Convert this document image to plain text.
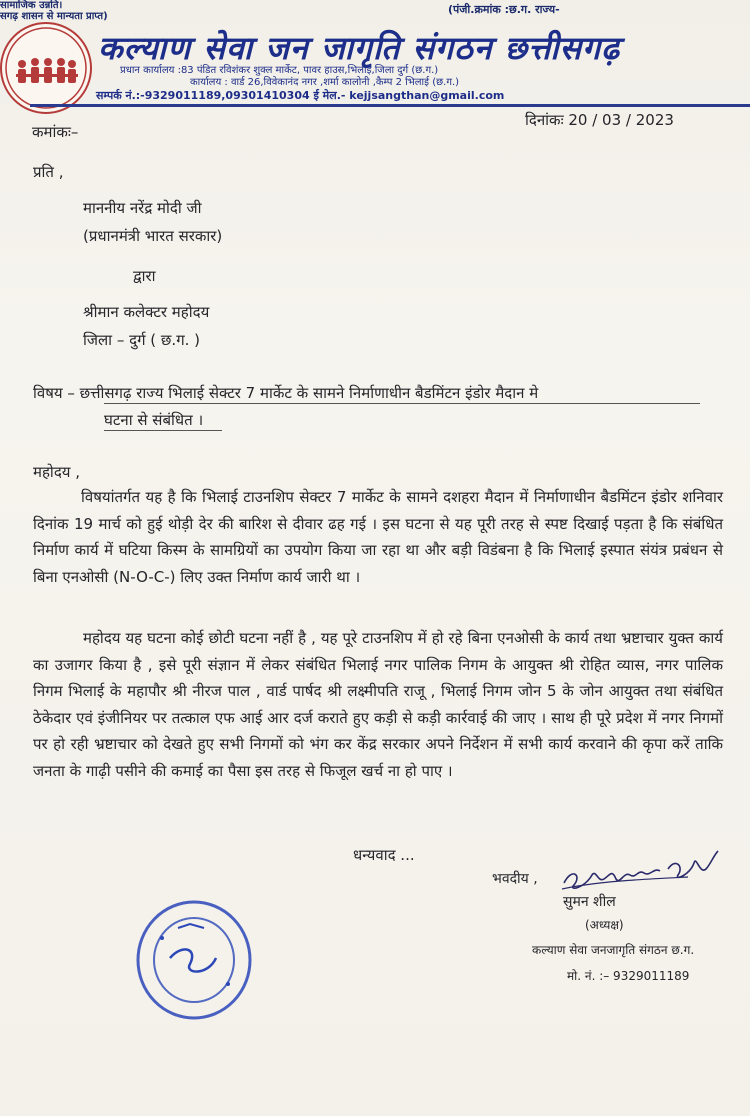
सामाजिक उन्नति।
सगढ़ शासन से मान्यता प्राप्त)
(पंजी.क्रमांक :छ.ग. राज्य-
कल्याण सेवा जन जागृति संगठन छत्तीसगढ़
प्रधान कार्यालय :83 पंडित रविशंकर शुक्ल मार्केट, पावर हाउस,भिलाई,जिला दुर्ग (छ.ग.)
कार्यालय : वार्ड 26,विवेकानंद नगर ,शर्मा कालोनी ,कैम्प 2 भिलाई (छ.ग.)
सम्पर्क नं.:-9329011189,09301410304 ई मेल.- kejjsangthan@gmail.com
कमांकः–
दिनांकः 20 / 03 / 2023
प्रति ,
माननीय नरेंद्र मोदी जी
(प्रधानमंत्री भारत सरकार)
द्वारा
श्रीमान कलेक्टर महोदय
जिला – दुर्ग ( छ.ग. )
विषय – छत्तीसगढ़ राज्य भिलाई सेक्टर 7 मार्केट के सामने निर्माणाधीन बैडमिंटन इंडोर मैदान मे
घटना से संबंधित ।
महोदय ,
विषयांतर्गत यह है कि भिलाई टाउनशिप सेक्टर 7 मार्केट के सामने दशहरा मैदान में निर्माणाधीन बैडमिंटन इंडोर शनिवार दिनांक 19 मार्च को हुई थोड़ी देर की बारिश से दीवार ढह गई । इस घटना से यह पूरी तरह से स्पष्ट दिखाई पड़ता है कि संबंधित निर्माण कार्य में घटिया किस्म के सामग्रियों का उपयोग किया जा रहा था और बड़ी विडंबना है कि भिलाई इस्पात संयंत्र प्रबंधन से बिना एनओसी (N-O-C-) लिए उक्त निर्माण कार्य जारी था ।
महोदय यह घटना कोई छोटी घटना नहीं है , यह पूरे टाउनशिप में हो रहे बिना एनओसी के कार्य तथा भ्रष्टाचार युक्त कार्य का उजागर किया है , इसे पूरी संज्ञान में लेकर संबंधित भिलाई नगर पालिक निगम के आयुक्त श्री रोहित व्यास, नगर पालिक निगम भिलाई के महापौर श्री नीरज पाल , वार्ड पार्षद श्री लक्ष्मीपति राजू , भिलाई निगम जोन 5 के जोन आयुक्त तथा संबंधित ठेकेदार एवं इंजीनियर पर तत्काल एफ आई आर दर्ज कराते हुए कड़ी से कड़ी कार्रवाई की जाए । साथ ही पूरे प्रदेश में नगर निगमों पर हो रही भ्रष्टाचार को देखते हुए सभी निगमों को भंग कर केंद्र सरकार अपने निर्देशन में सभी कार्य करवाने की कृपा करें ताकि जनता के गाढ़ी पसीने की कमाई का पैसा इस तरह से फिजूल खर्च ना हो पाए ।
धन्यवाद ...
भवदीय ,
सुमन शील
(अध्यक्ष)
कल्याण सेवा जनजागृति संगठन छ.ग.
मो. नं. :– 9329011189
